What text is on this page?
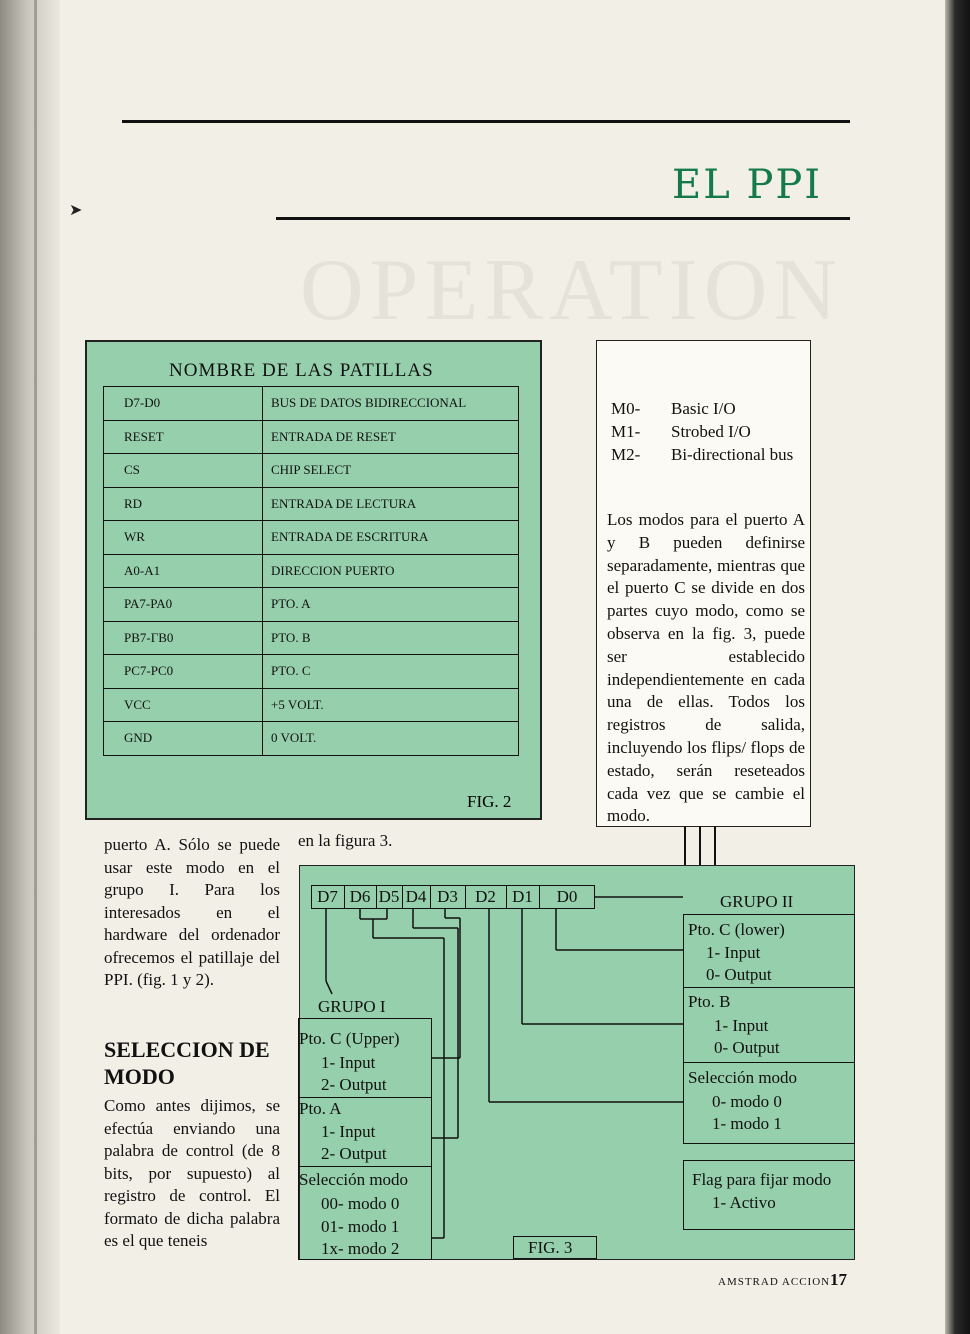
EL PPI
➤
OPERATION
NOMBRE DE LAS PATILLAS
D7-D0	BUS DE DATOS BIDIRECCIONAL
RESET	ENTRADA DE RESET
CS	CHIP SELECT
RD	ENTRADA DE LECTURA
WR	ENTRADA DE ESCRITURA
A0-A1	DIRECCION PUERTO
PA7-PA0	PTO. A
PB7-ГB0	PTO. B
PC7-PC0	PTO. C
VCC	+5 VOLT.
GND	0 VOLT.
FIG. 2
M0- Basic I/O
M1- Strobed I/O
M2- Bi-directional bus
Los modos para el puerto A y B pueden definirse separadamente, mientras que el puerto C se divide en dos partes cuyo modo, como se observa en la fig. 3, puede ser establecido independientemente en cada una de ellas. Todos los registros de salida, incluyendo los flips/ flops de estado, serán reseteados cada vez que se cambie el modo.
puerto A. Sólo se puede usar este modo en el grupo I. Para los interesados en el hardware del ordenador ofrecemos el patillaje del PPI. (fig. 1 y 2).
SELECCION DE MODO
Como antes dijimos, se efectúa enviando una palabra de control (de 8 bits, por supuesto) al registro de control. El formato de dicha palabra es el que teneis
en la figura 3.
D7 D6 D5 D4 D3	D2 D1	D0
GRUPO I
Pto. C (Upper)
1- Input
2- Output
Pto. A
1- Input
2- Output
Selección modo
00- modo 0
01- modo 1
1x- modo 2
GRUPO II
Pto. C (lower)
1- Input
0- Output
Pto. B
1- Input
0- Output
Selección modo
0- modo 0
1- modo 1
Flag para fijar modo
1- Activo
FIG. 3
AMSTRAD ACCION 17
